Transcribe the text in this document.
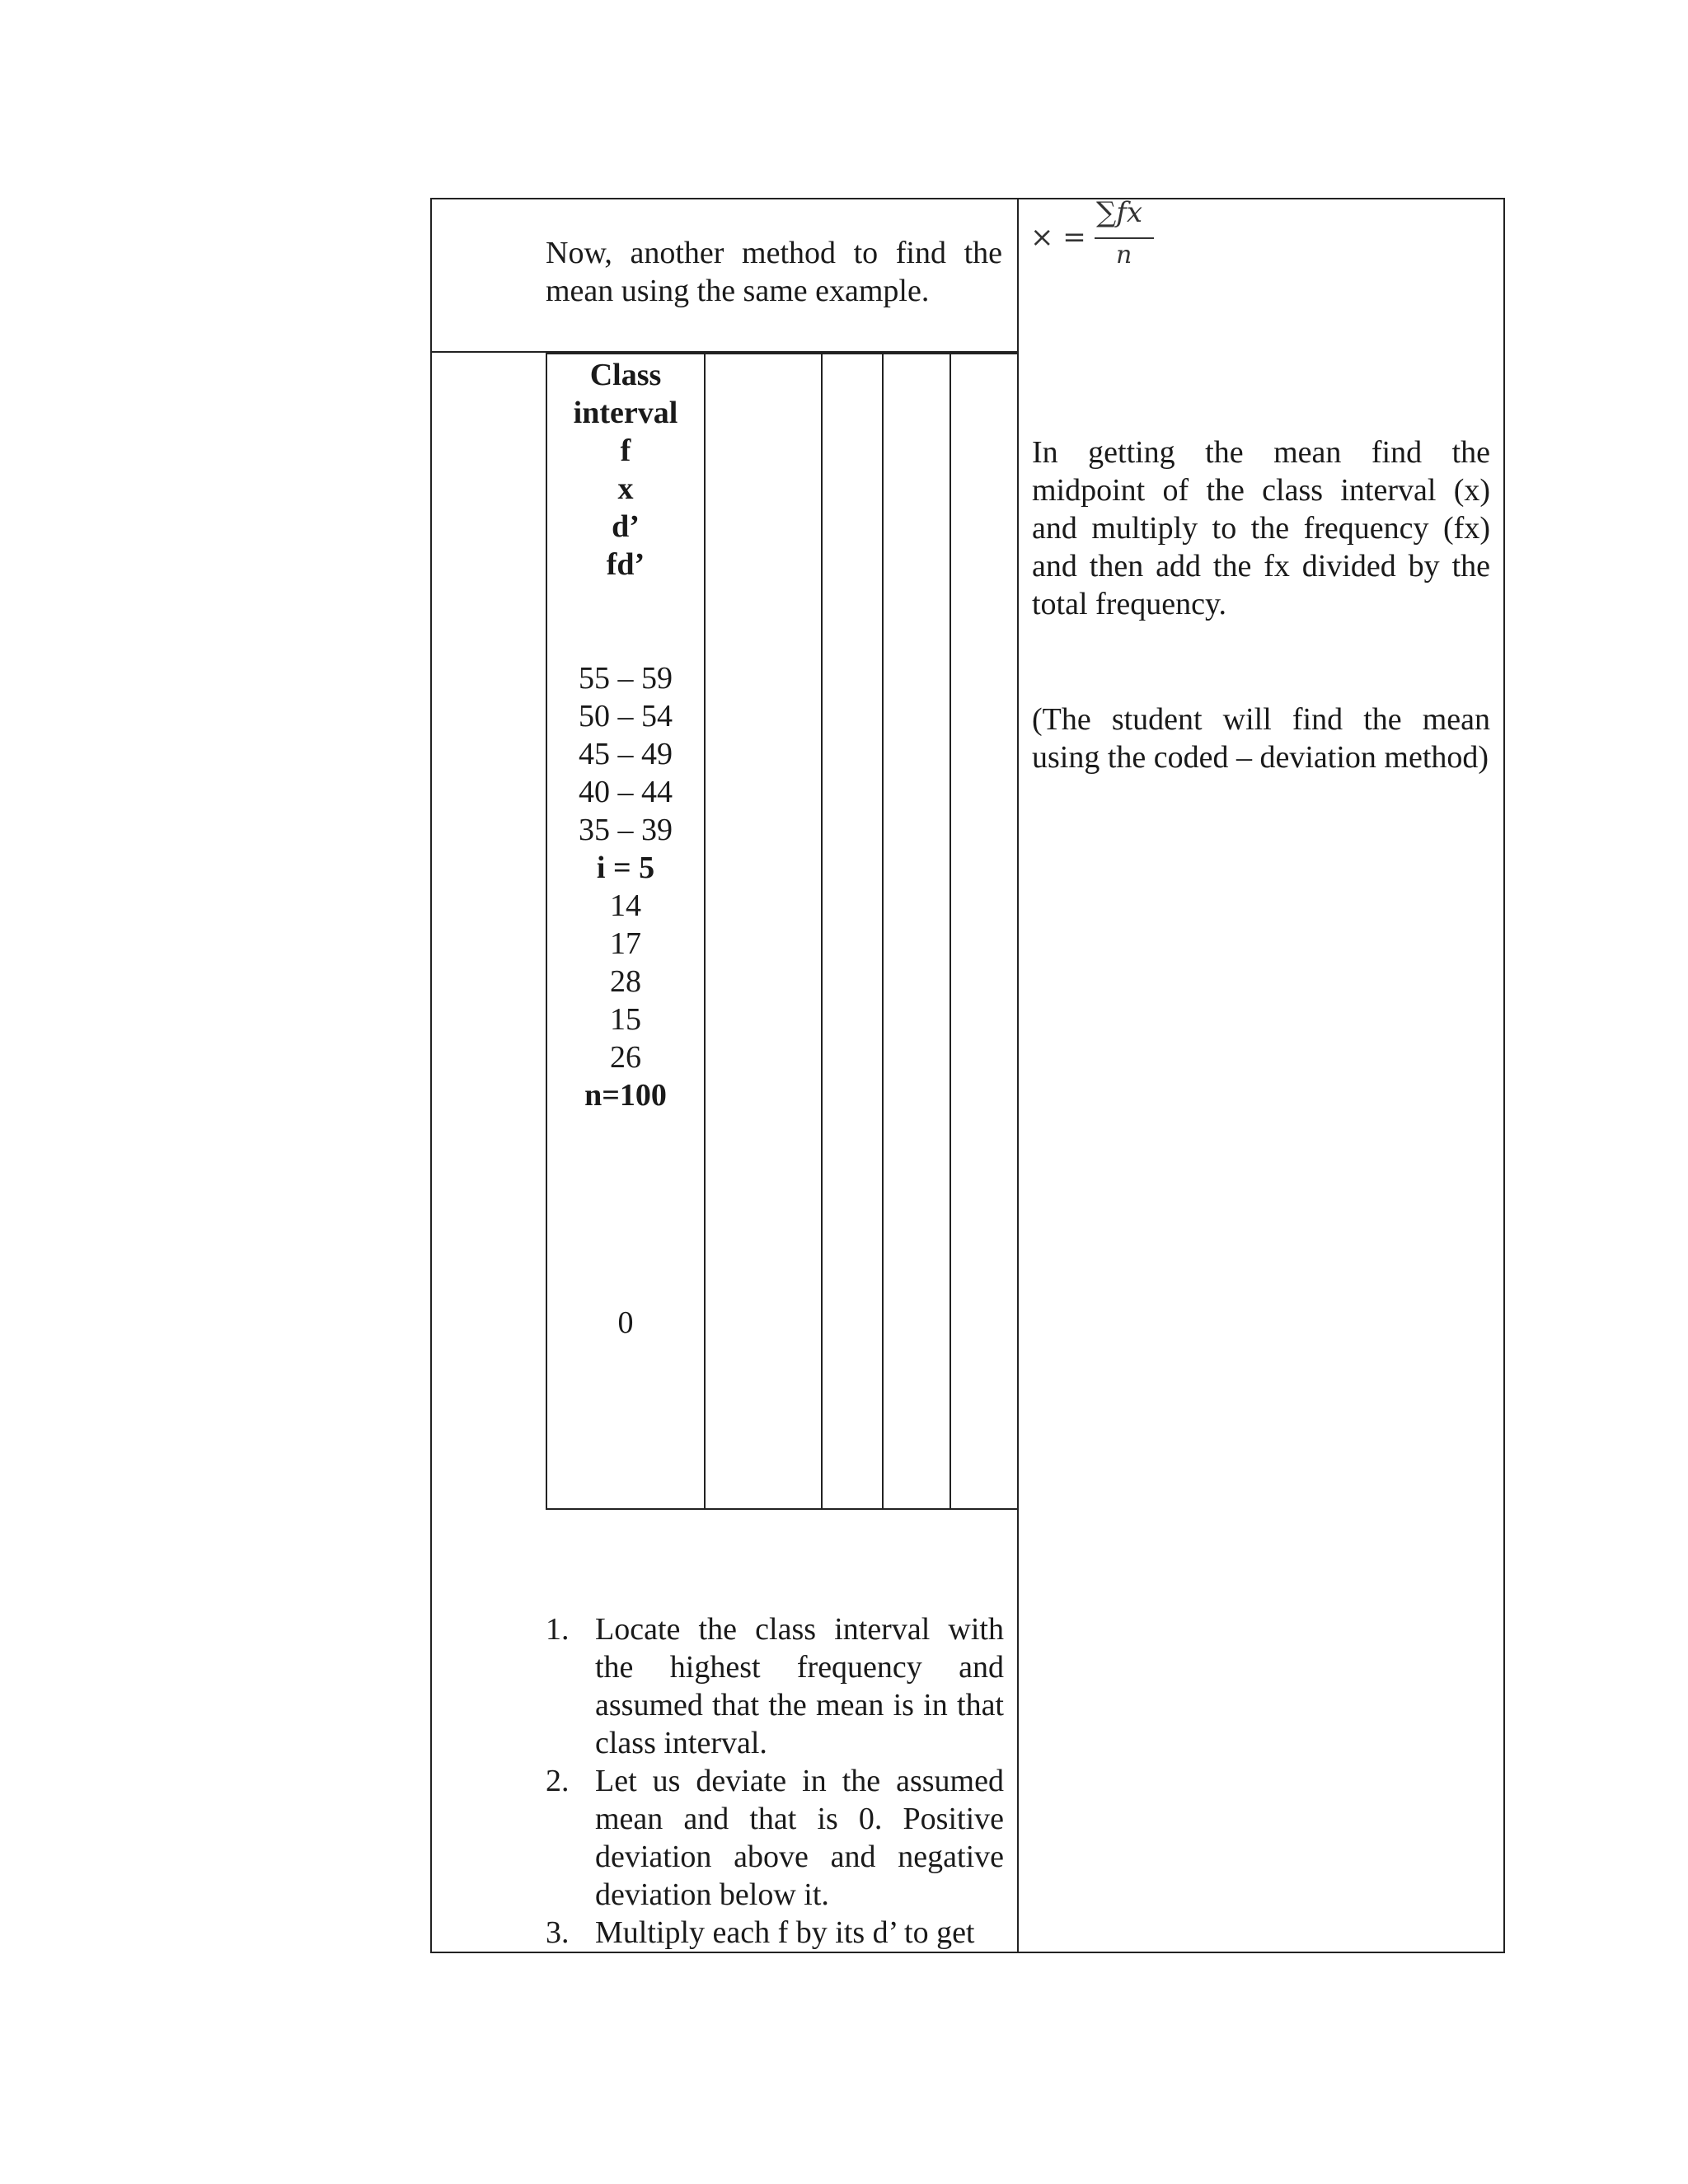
Now, another method to find the
mean using the same example.
× =
∑fx
n
Class
interval
f
x
d’
fd’
55 – 59
50 – 54
45 – 49
40 – 44
35 – 39
i = 5
14
17
28
15
26
n=100
0
In getting the mean find the midpoint of the class interval (x) and multiply to the frequency (fx) and then add the fx divided by the total frequency.
(The student will find the mean using the coded – deviation method)
1. Locate the class interval with the highest frequency and assumed that the mean is in that class interval.
2. Let us deviate in the assumed mean and that is 0. Positive deviation above and negative deviation below it.
3. Multiply each f by its d’ to get
